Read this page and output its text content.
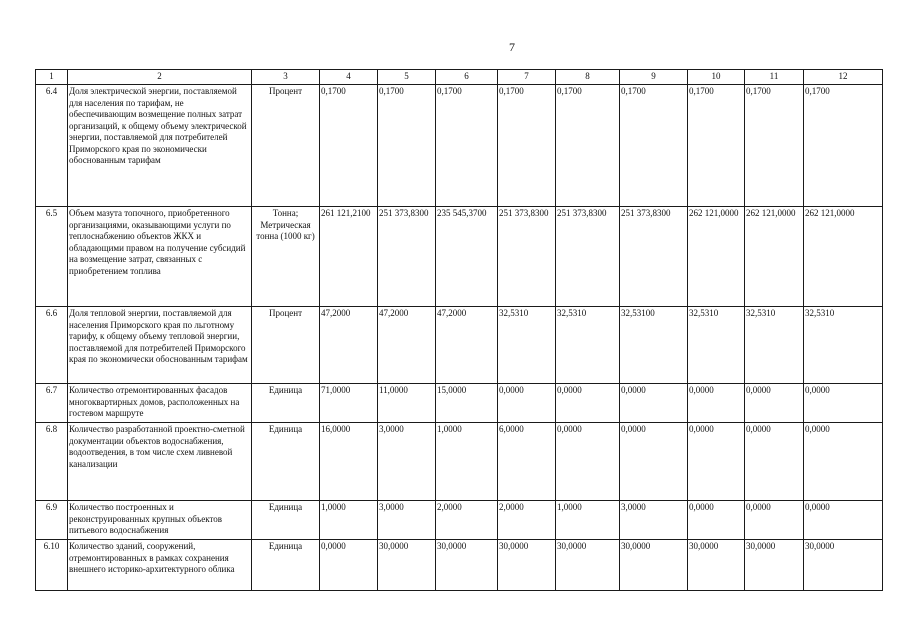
7
1	2	3	4	5	6	7	8	9	10	11	12
6.4	Доля электрической энергии, поставляемой для населения по тарифам, не обеспечивающим возмещение полных затрат организаций, к общему объему электрической энергии, поставляемой для потребителей Приморского края по экономически обоснованным тарифам	Процент	0,1700	0,1700	0,1700	0,1700	0,1700	0,1700	0,1700	0,1700	0,1700
6.5	Объем мазута топочного, приобретенного организациями, оказывающими услуги по теплоснабжению объектов ЖКХ и обладающими правом на получение субсидий на возмещение затрат, связанных с приобретением топлива	Тонна; Метрическая тонна (1000 кг)	261 121,2100	251 373,8300	235 545,3700	251 373,8300	251 373,8300	251 373,8300	262 121,0000	262 121,0000	262 121,0000
6.6	Доля тепловой энергии, поставляемой для населения Приморского края по льготному тарифу, к общему объему тепловой энергии, поставляемой для потребителей Приморского края по экономически обоснованным тарифам	Процент	47,2000	47,2000	47,2000	32,5310	32,5310	32,53100	32,5310	32,5310	32,5310
6.7	Количество отремонтированных фасадов многоквартирных домов, расположенных на гостевом маршруте	Единица	71,0000	11,0000	15,0000	0,0000	0,0000	0,0000	0,0000	0,0000	0,0000
6.8	Количество разработанной проектно-сметной документации объектов водоснабжения, водоотведения, в том числе схем ливневой канализации	Единица	16,0000	3,0000	1,0000	6,0000	0,0000	0,0000	0,0000	0,0000	0,0000
6.9	Количество построенных и реконструированных крупных объектов питьевого водоснабжения	Единица	1,0000	3,0000	2,0000	2,0000	1,0000	3,0000	0,0000	0,0000	0,0000
6.10	Количество зданий, сооружений, отремонтированных в рамках сохранения внешнего историко-архитектурного облика	Единица	0,0000	30,0000	30,0000	30,0000	30,0000	30,0000	30,0000	30,0000	30,0000
